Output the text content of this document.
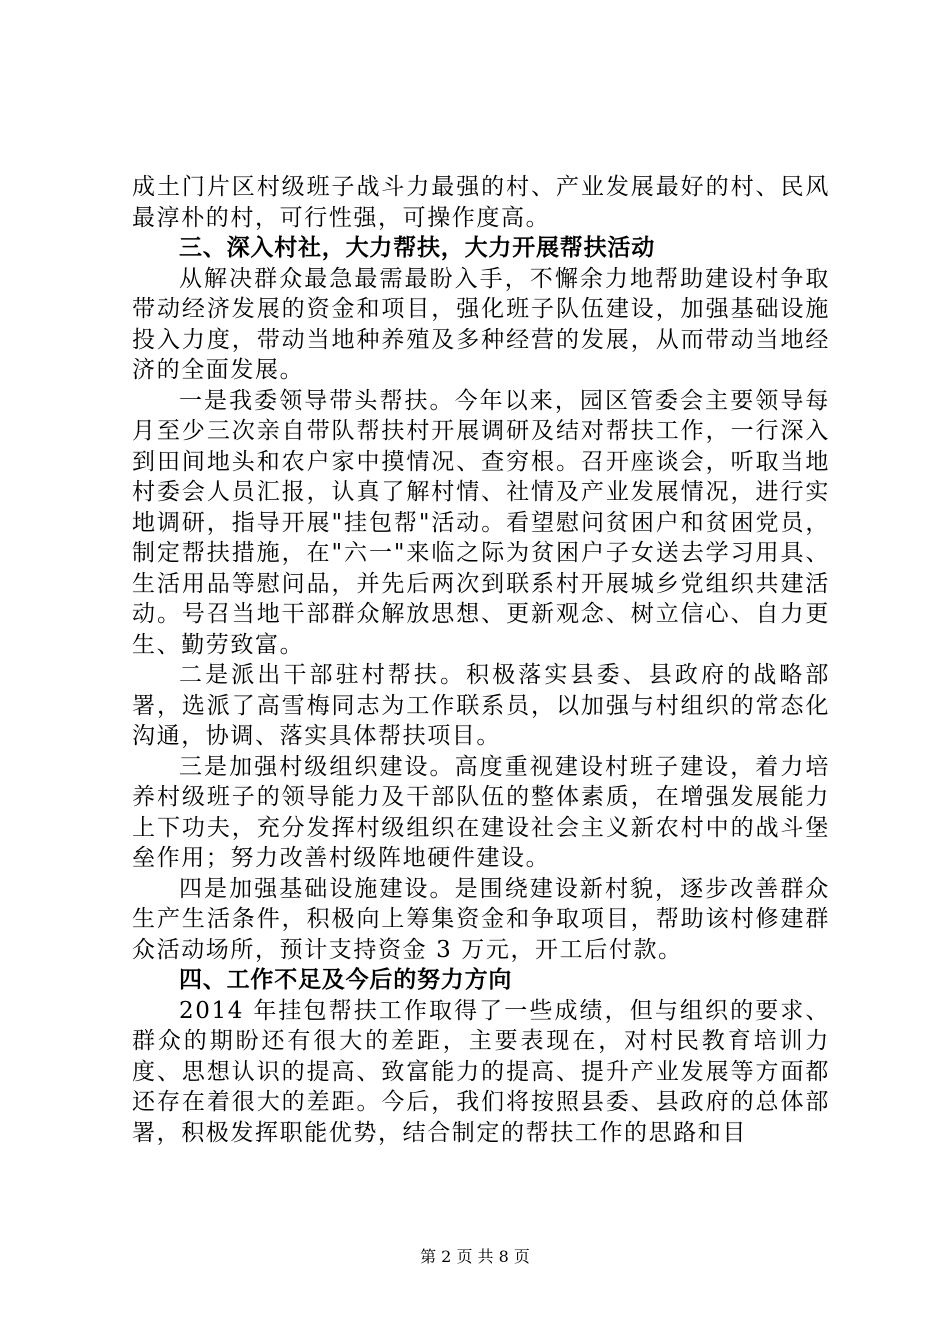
成土门片区村级班子战斗力最强的村、产业发展最好的村、民风最淳朴的村，可行性强，可操作度高。

三、深入村社，大力帮扶，大力开展帮扶活动

从解决群众最急最需最盼入手，不懈余力地帮助建设村争取带动经济发展的资金和项目，强化班子队伍建设，加强基础设施投入力度，带动当地种养殖及多种经营的发展，从而带动当地经济的全面发展。

一是我委领导带头帮扶。今年以来，园区管委会主要领导每月至少三次亲自带队帮扶村开展调研及结对帮扶工作，一行深入到田间地头和农户家中摸情况、查穷根。召开座谈会，听取当地村委会人员汇报，认真了解村情、社情及产业发展情况，进行实地调研，指导开展"挂包帮"活动。看望慰问贫困户和贫困党员，制定帮扶措施，在"六一"来临之际为贫困户子女送去学习用具、生活用品等慰问品，并先后两次到联系村开展城乡党组织共建活动。号召当地干部群众解放思想、更新观念、树立信心、自力更生、勤劳致富。

二是派出干部驻村帮扶。积极落实县委、县政府的战略部署，选派了高雪梅同志为工作联系员，以加强与村组织的常态化沟通，协调、落实具体帮扶项目。

三是加强村级组织建设。高度重视建设村班子建设，着力培养村级班子的领导能力及干部队伍的整体素质，在增强发展能力上下功夫，充分发挥村级组织在建设社会主义新农村中的战斗堡垒作用；努力改善村级阵地硬件建设。

四是加强基础设施建设。是围绕建设新村貌，逐步改善群众生产生活条件，积极向上筹集资金和争取项目，帮助该村修建群众活动场所，预计支持资金 3 万元，开工后付款。

四、工作不足及今后的努力方向

2014 年挂包帮扶工作取得了一些成绩，但与组织的要求、群众的期盼还有很大的差距，主要表现在，对村民教育培训力度、思想认识的提高、致富能力的提高、提升产业发展等方面都还存在着很大的差距。今后，我们将按照县委、县政府的总体部署，积极发挥职能优势，结合制定的帮扶工作的思路和目

第 2 页 共 8 页
